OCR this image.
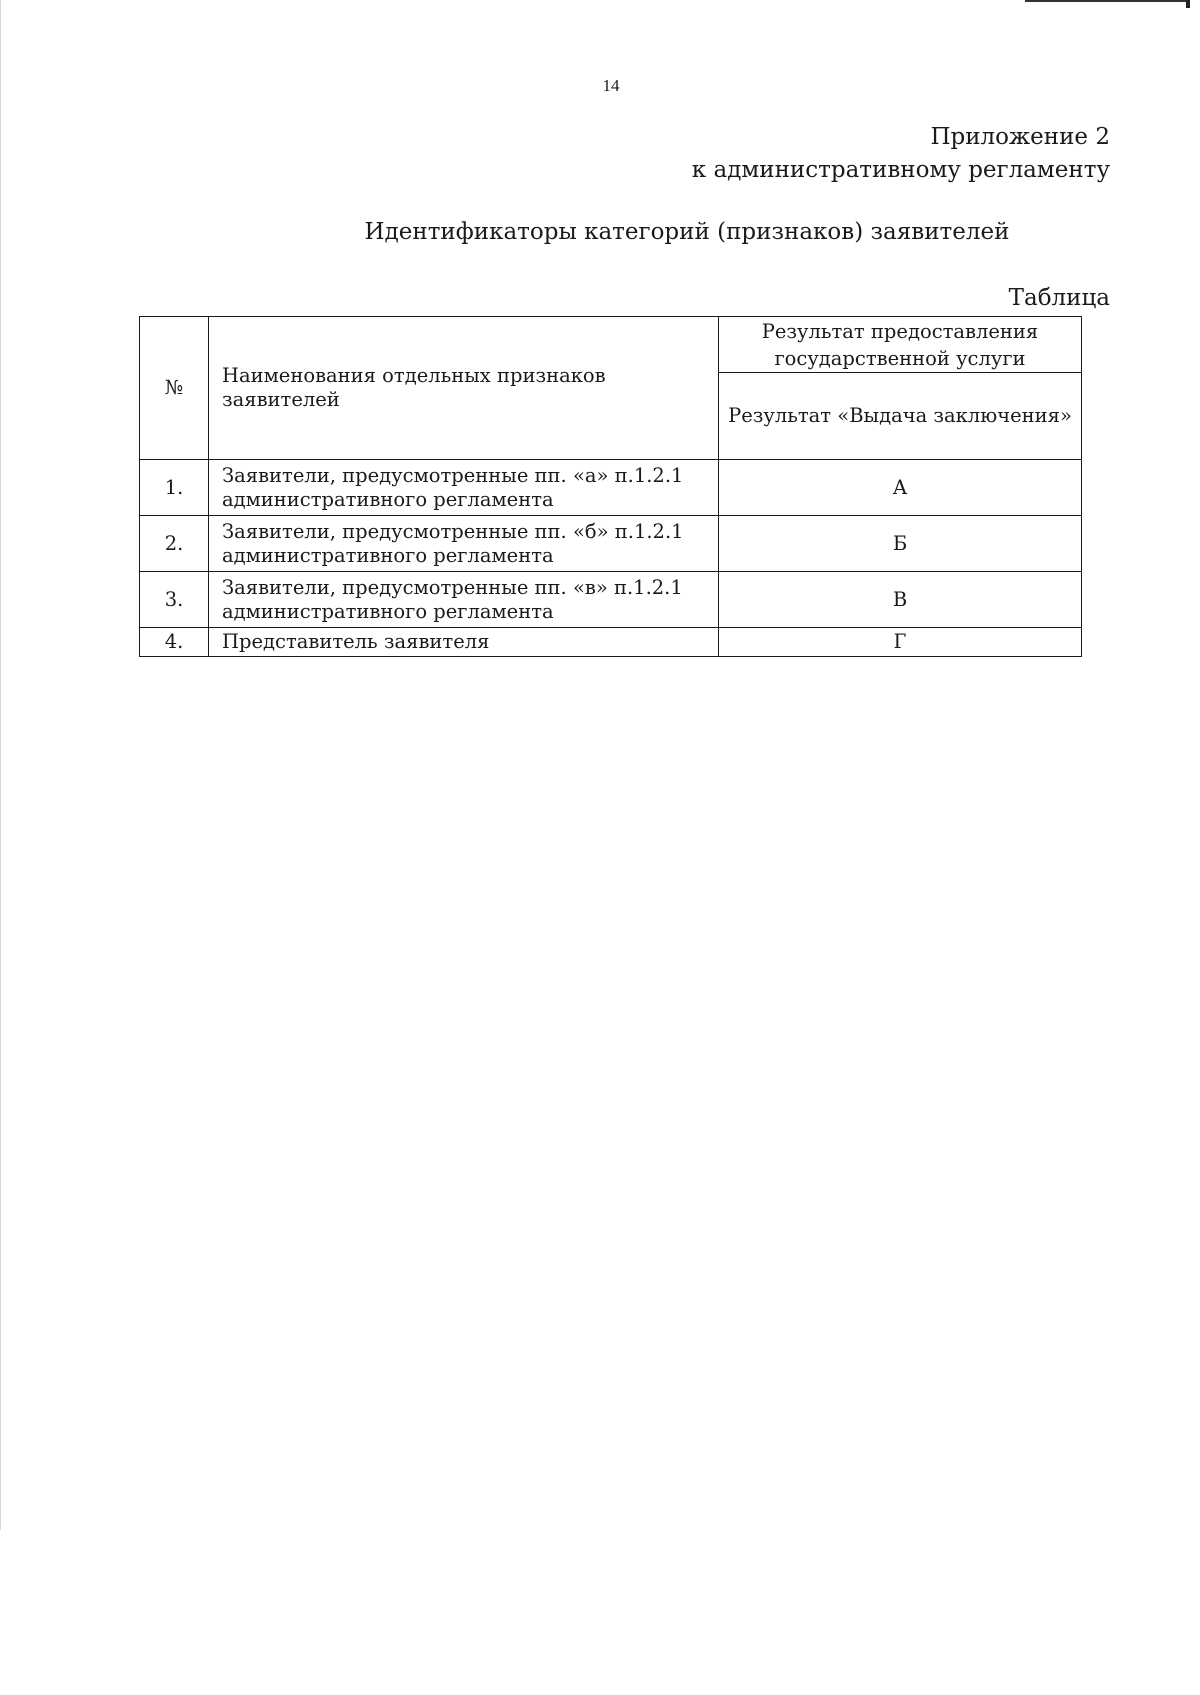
14
Приложение 2
к административному регламенту
Идентификаторы категорий (признаков) заявителей
Таблица
№	Наименования отдельных признаков заявителей	Результат предоставления государственной услуги
		Результат «Выдача заключения»
1.	Заявители, предусмотренные пп. «а» п.1.2.1 административного регламента	А
2.	Заявители, предусмотренные пп. «б» п.1.2.1 административного регламента	Б
3.	Заявители, предусмотренные пп. «в» п.1.2.1 административного регламента	В
4.	Представитель заявителя	Г
